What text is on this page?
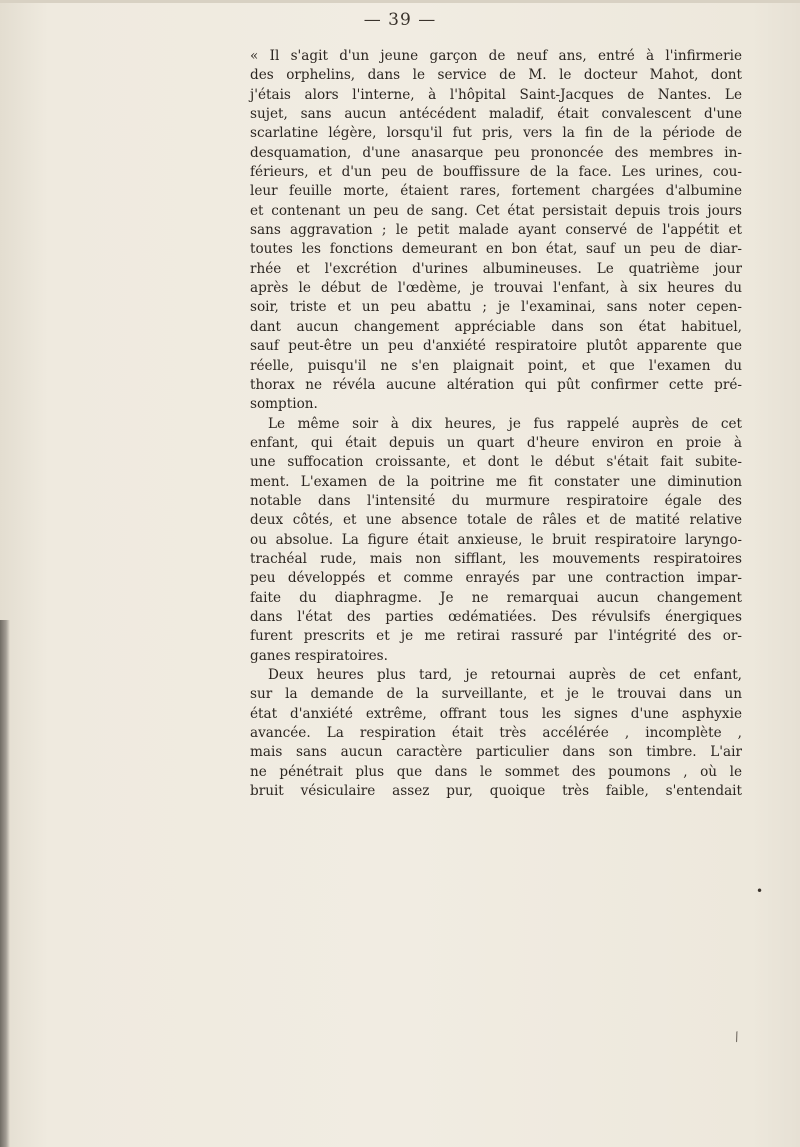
— 39 —
« Il s'agit d'un jeune garçon de neuf ans, entré à l'infirmerie
des orphelins, dans le service de M. le docteur Mahot, dont
j'étais alors l'interne, à l'hôpital Saint-Jacques de Nantes. Le
sujet, sans aucun antécédent maladif, était convalescent d'une
scarlatine légère, lorsqu'il fut pris, vers la fin de la période de
desquamation, d'une anasarque peu prononcée des membres in-
férieurs, et d'un peu de bouffissure de la face. Les urines, cou-
leur feuille morte, étaient rares, fortement chargées d'albumine
et contenant un peu de sang. Cet état persistait depuis trois jours
sans aggravation ; le petit malade ayant conservé de l'appétit et
toutes les fonctions demeurant en bon état, sauf un peu de diar-
rhée et l'excrétion d'urines albumineuses. Le quatrième jour
après le début de l'œdème, je trouvai l'enfant, à six heures du
soir, triste et un peu abattu ; je l'examinai, sans noter cepen-
dant aucun changement appréciable dans son état habituel,
sauf peut-être un peu d'anxiété respiratoire plutôt apparente que
réelle, puisqu'il ne s'en plaignait point, et que l'examen du
thorax ne révéla aucune altération qui pût confirmer cette pré-
somption.
Le même soir à dix heures, je fus rappelé auprès de cet
enfant, qui était depuis un quart d'heure environ en proie à
une suffocation croissante, et dont le début s'était fait subite-
ment. L'examen de la poitrine me fit constater une diminution
notable dans l'intensité du murmure respiratoire égale des
deux côtés, et une absence totale de râles et de matité relative
ou absolue. La figure était anxieuse, le bruit respiratoire laryngo-
trachéal rude, mais non sifflant, les mouvements respiratoires
peu développés et comme enrayés par une contraction impar-
faite du diaphragme. Je ne remarquai aucun changement
dans l'état des parties œdématiées. Des révulsifs énergiques
furent prescrits et je me retirai rassuré par l'intégrité des or-
ganes respiratoires.
Deux heures plus tard, je retournai auprès de cet enfant,
sur la demande de la surveillante, et je le trouvai dans un
état d'anxiété extrême, offrant tous les signes d'une asphyxie
avancée. La respiration était très accélérée , incomplète ,
mais sans aucun caractère particulier dans son timbre. L'air
ne pénétrait plus que dans le sommet des poumons , où le
bruit vésiculaire assez pur, quoique très faible, s'entendait
•
⁄
